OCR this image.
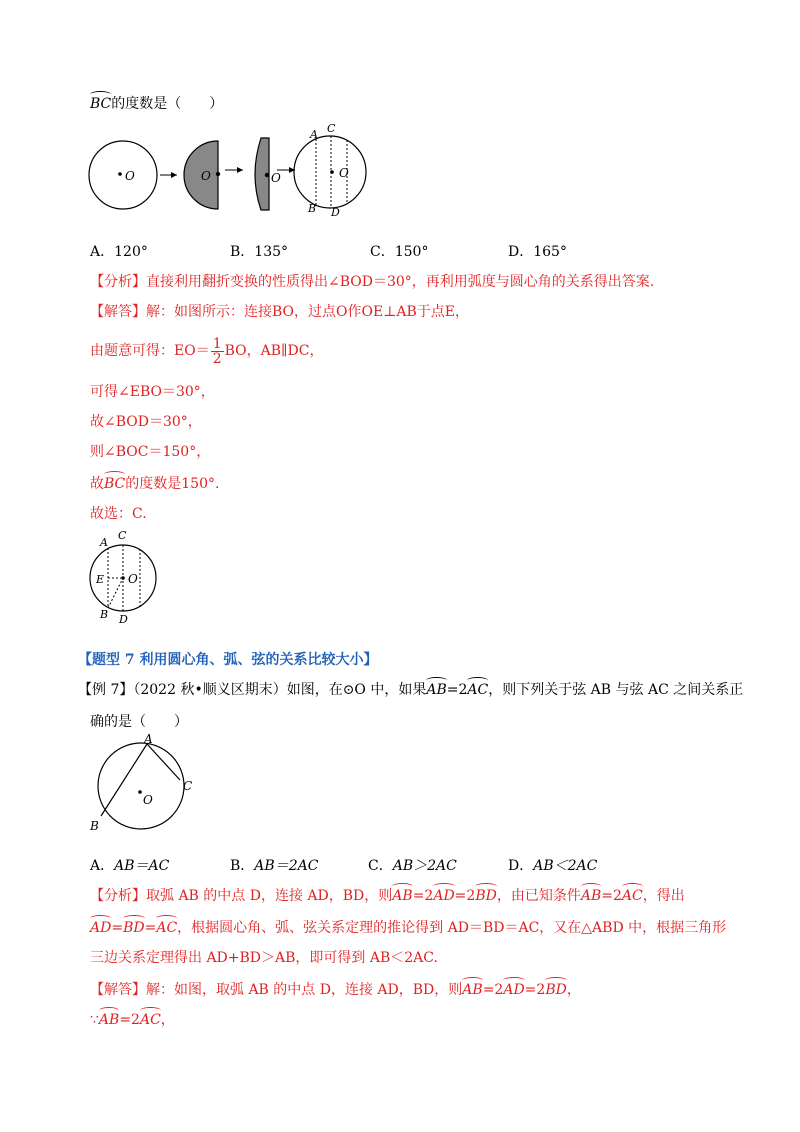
BC的度数是（　　）
O	O	O	O
A C
B D
A．120°	B．135°	C．150°	D．165°
【分析】直接利用翻折变换的性质得出∠BOD＝30°，再利用弧度与圆心角的关系得出答案.
【解答】解：如图所示：连接BO，过点O作OE⊥AB于点E，
由题意可得：$EO= \frac{1}{2}$ BO，AB∥DC，
可得∠EBO＝30°，
故∠BOD＝30°，
则∠BOC＝150°，
故BC的度数是150°.
故选：C.
O
A
C
E
B D
【题型 7 利用圆心角、弧、弦的关系比较大小】
【例 7】（2022 秋•顺义区期末）如图，在⊙O 中，如果AB=2AC，则下列关于弦 AB 与弦 AC 之间关系正
确的是（　　）
O
A
C
B
A．AB＝AC	B．AB＝2AC	C．AB＞2AC	D．AB＜2AC
【分析】取弧 AB 的中点 D，连接 AD，BD，则AB=2AD=2BD，由已知条件AB=2AC，得出
AD=BD=AC，根据圆心角、弧、弦关系定理的推论得到 AD＝BD＝AC，又在△ABD 中，根据三角形
三边关系定理得出 AD+BD＞AB，即可得到 AB＜2AC.
【解答】解：如图，取弧 AB 的中点 D，连接 AD，BD，则AB=2AD=2BD，
∵AB=2AC，
